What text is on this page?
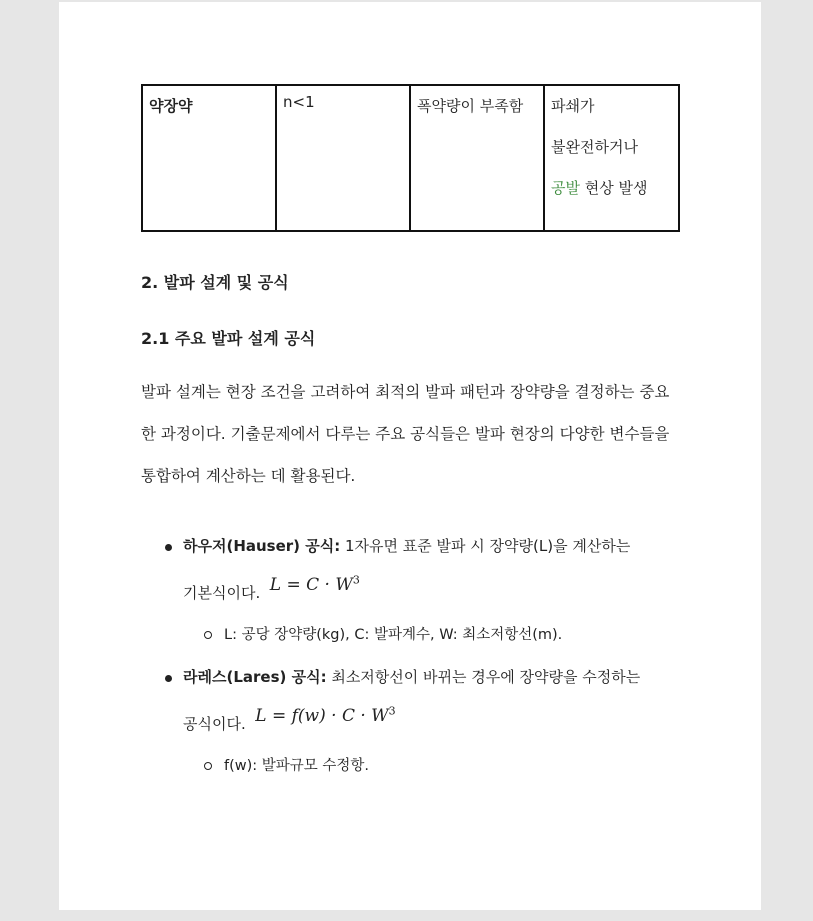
약장약	n<1	폭약량이 부족함	파쇄가
불완전하거나
공발 현상 발생
2. 발파 설계 및 공식
2.1 주요 발파 설계 공식
발파 설계는 현장 조건을 고려하여 최적의 발파 패턴과 장약량을 결정하는 중요한 과정이다. 기출문제에서 다루는 주요 공식들은 발파 현장의 다양한 변수들을 통합하여 계산하는 데 활용된다.
하우저(Hauser) 공식: 1자유면 표준 발파 시 장약량(L)을 계산하는
기본식이다. $L = C \cdot W^3$
L: 공당 장약량(kg), C: 발파계수, W: 최소저항선(m).
라레스(Lares) 공식: 최소저항선이 바뀌는 경우에 장약량을 수정하는
공식이다. $L = f(w) \cdot C \cdot W^3$
f(w): 발파규모 수정항.
